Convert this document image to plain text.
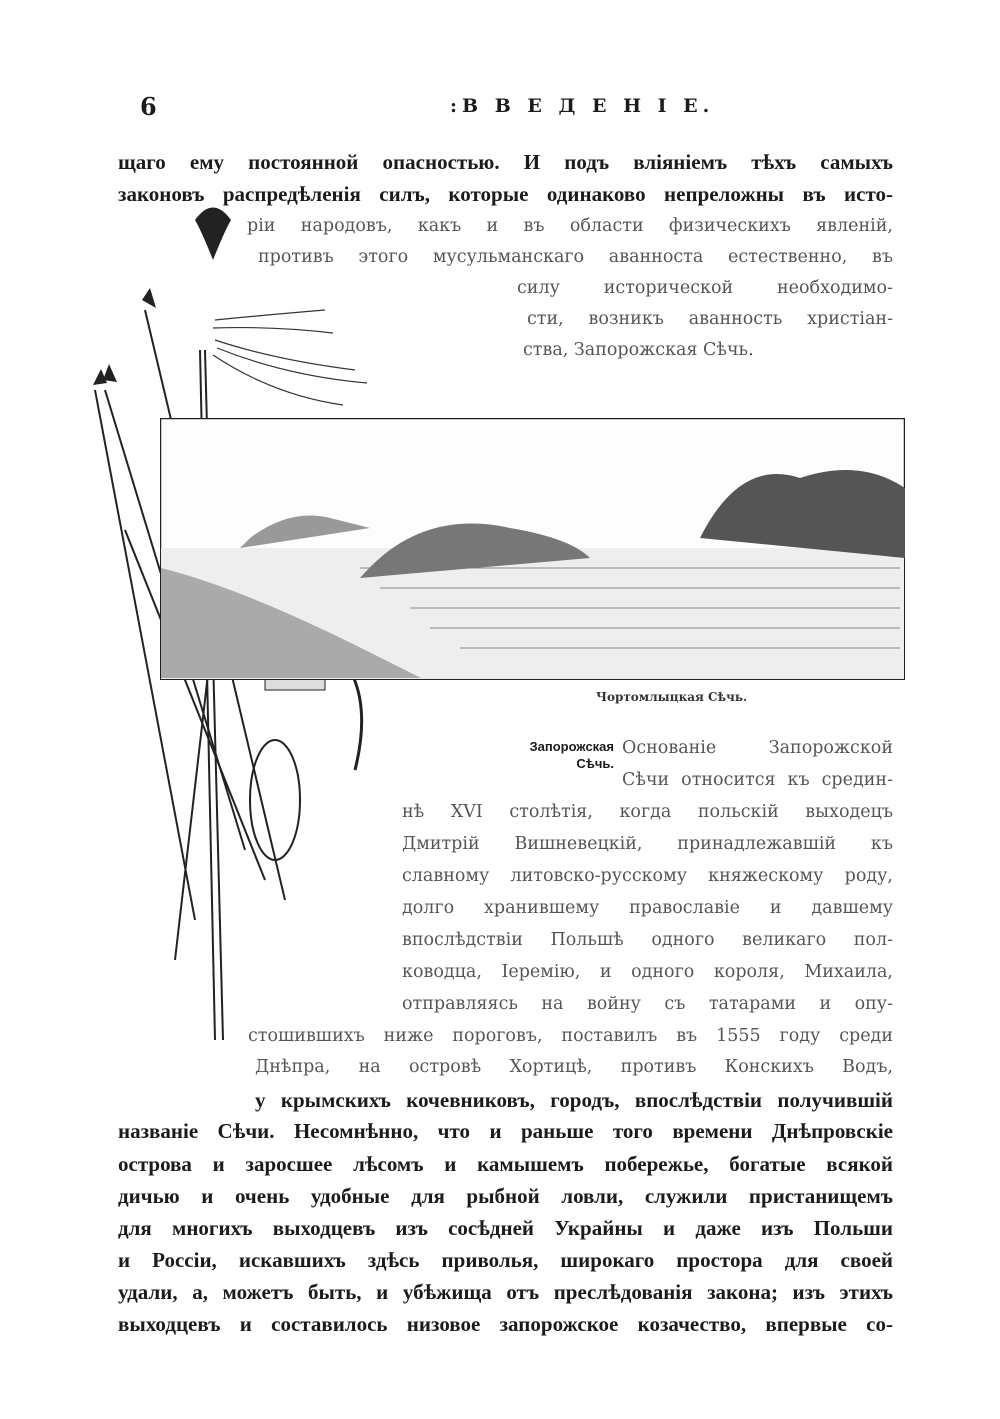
6	:В В Е Д Е Н І Е.
щаго ему постоянной опасностью. И подъ вліяніемъ тѣхъ самыхъ
законовъ распредѣленія силъ, которые одинаково непреложны въ исто-
ріи народовъ, какъ и въ области физическихъ явленій,
противъ этого мусульманскаго аванноста естественно, въ
силу исторической необходимо-
сти, возникъ аванность христіан-
ства, Запорожская Сѣчь.
Чортомлыцкая Сѣчь.
Запорожская
Сѣчь.
Основаніе Запорожской
Сѣчи относится къ средин-
нѣ XVI столѣтія, когда польскій выходецъ
Дмитрій Вишневецкій, принадлежавшій къ
славному литовско-русскому княжескому роду,
долго хранившему православіе и давшему
впослѣдствіи Польшѣ одного великаго пол-
ководца, Іеремію, и одного короля, Михаила,
отправляясь на войну съ татарами и опу-
стошившихъ ниже пороговъ, поставилъ въ 1555 году среди
Днѣпра, на островѣ Хортицѣ, противъ Конскихъ Водъ,
у крымскихъ кочевниковъ, городъ, впослѣдствіи получившій
названіе Сѣчи. Несомнѣнно, что и раньше того времени Днѣпровскіе
острова и заросшее лѣсомъ и камышемъ побережье, богатые всякой
дичью и очень удобные для рыбной ловли, служили пристанищемъ
для многихъ выходцевъ изъ сосѣдней Украйны и даже изъ Польши
и Россіи, искавшихъ здѣсь приволья, широкаго простора для своей
удали, а, можетъ быть, и убѣжища отъ преслѣдованія закона; изъ этихъ
выходцевъ и составилось низовое запорожское козачество, впервые со-
